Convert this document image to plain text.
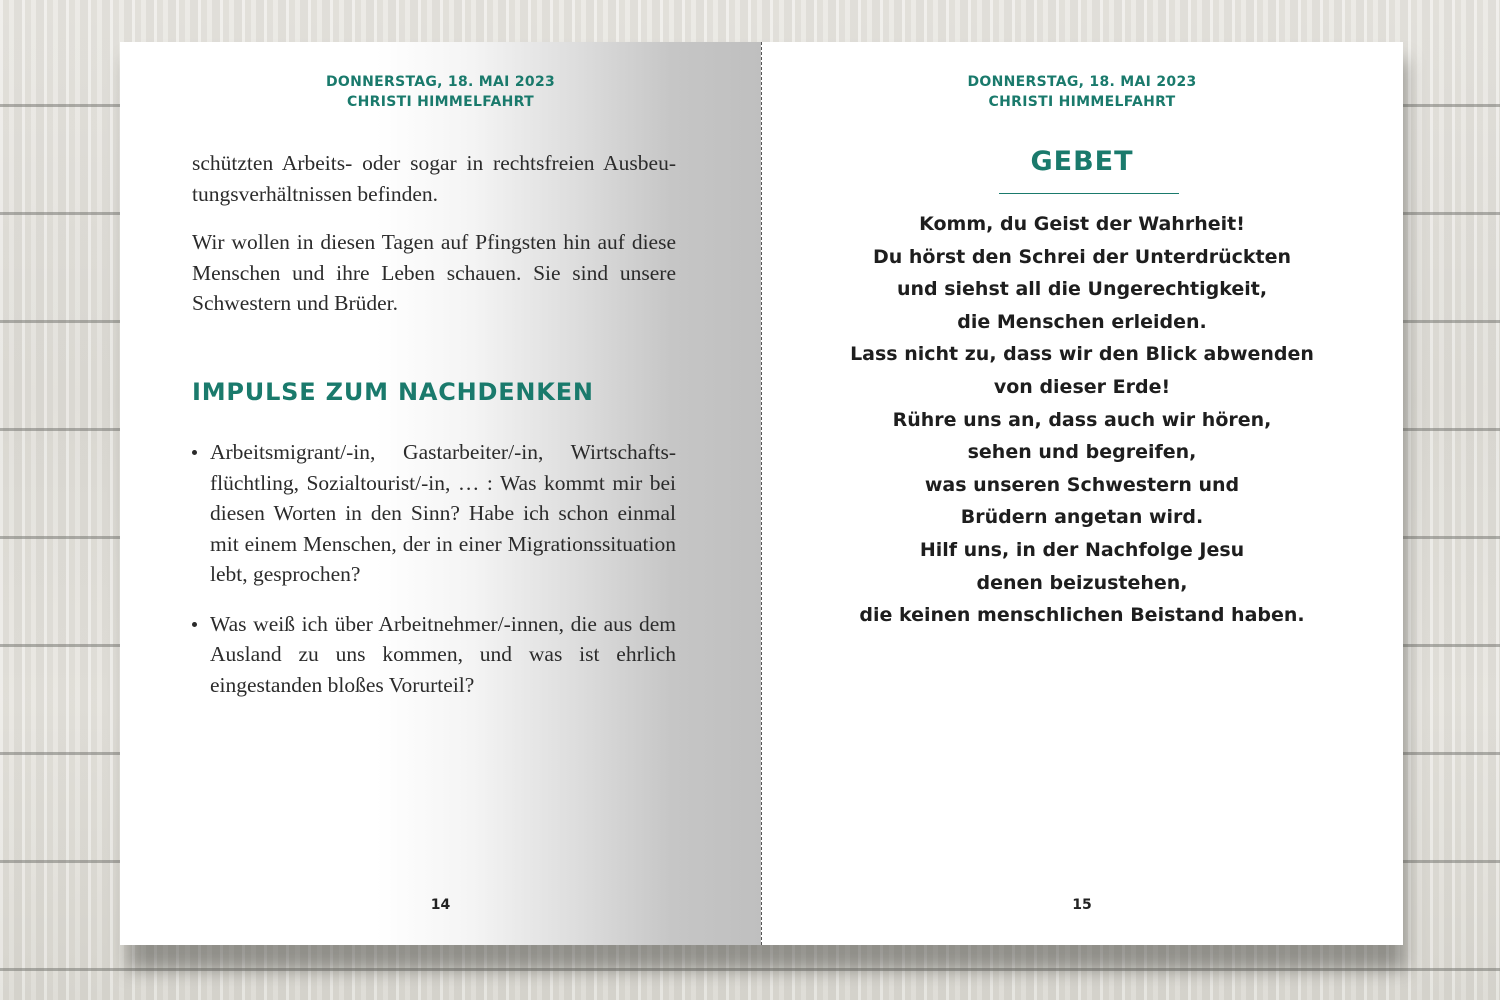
DONNERSTAG, 18. MAI 2023
CHRISTI HIMMELFAHRT

schützten Arbeits- oder sogar in rechtsfreien Ausbeutungsverhältnissen befinden.

Wir wollen in diesen Tagen auf Pfingsten hin auf diese Menschen und ihre Leben schauen. Sie sind unsere Schwestern und Brüder.

IMPULSE ZUM NACHDENKEN
Arbeitsmigrant/-in, Gastarbeiter/-in, Wirtschaftsflüchtling, Sozialtourist/-in, … : Was kommt mir bei diesen Worten in den Sinn? Habe ich schon einmal mit einem Menschen, der in einer Migrationssituation lebt, gesprochen?
Was weiß ich über Arbeitnehmer/-innen, die aus dem Ausland zu uns kommen, und was ist ehrlich eingestanden bloßes Vorurteil?
14
DONNERSTAG, 18. MAI 2023
CHRISTI HIMMELFAHRT
GEBET
Komm, du Geist der Wahrheit!
Du hörst den Schrei der Unterdrückten
und siehst all die Ungerechtigkeit,
die Menschen erleiden.
Lass nicht zu, dass wir den Blick abwenden
von dieser Erde!
Rühre uns an, dass auch wir hören,
sehen und begreifen,
was unseren Schwestern und
Brüdern angetan wird.
Hilf uns, in der Nachfolge Jesu
denen beizustehen,
die keinen menschlichen Beistand haben.
15
